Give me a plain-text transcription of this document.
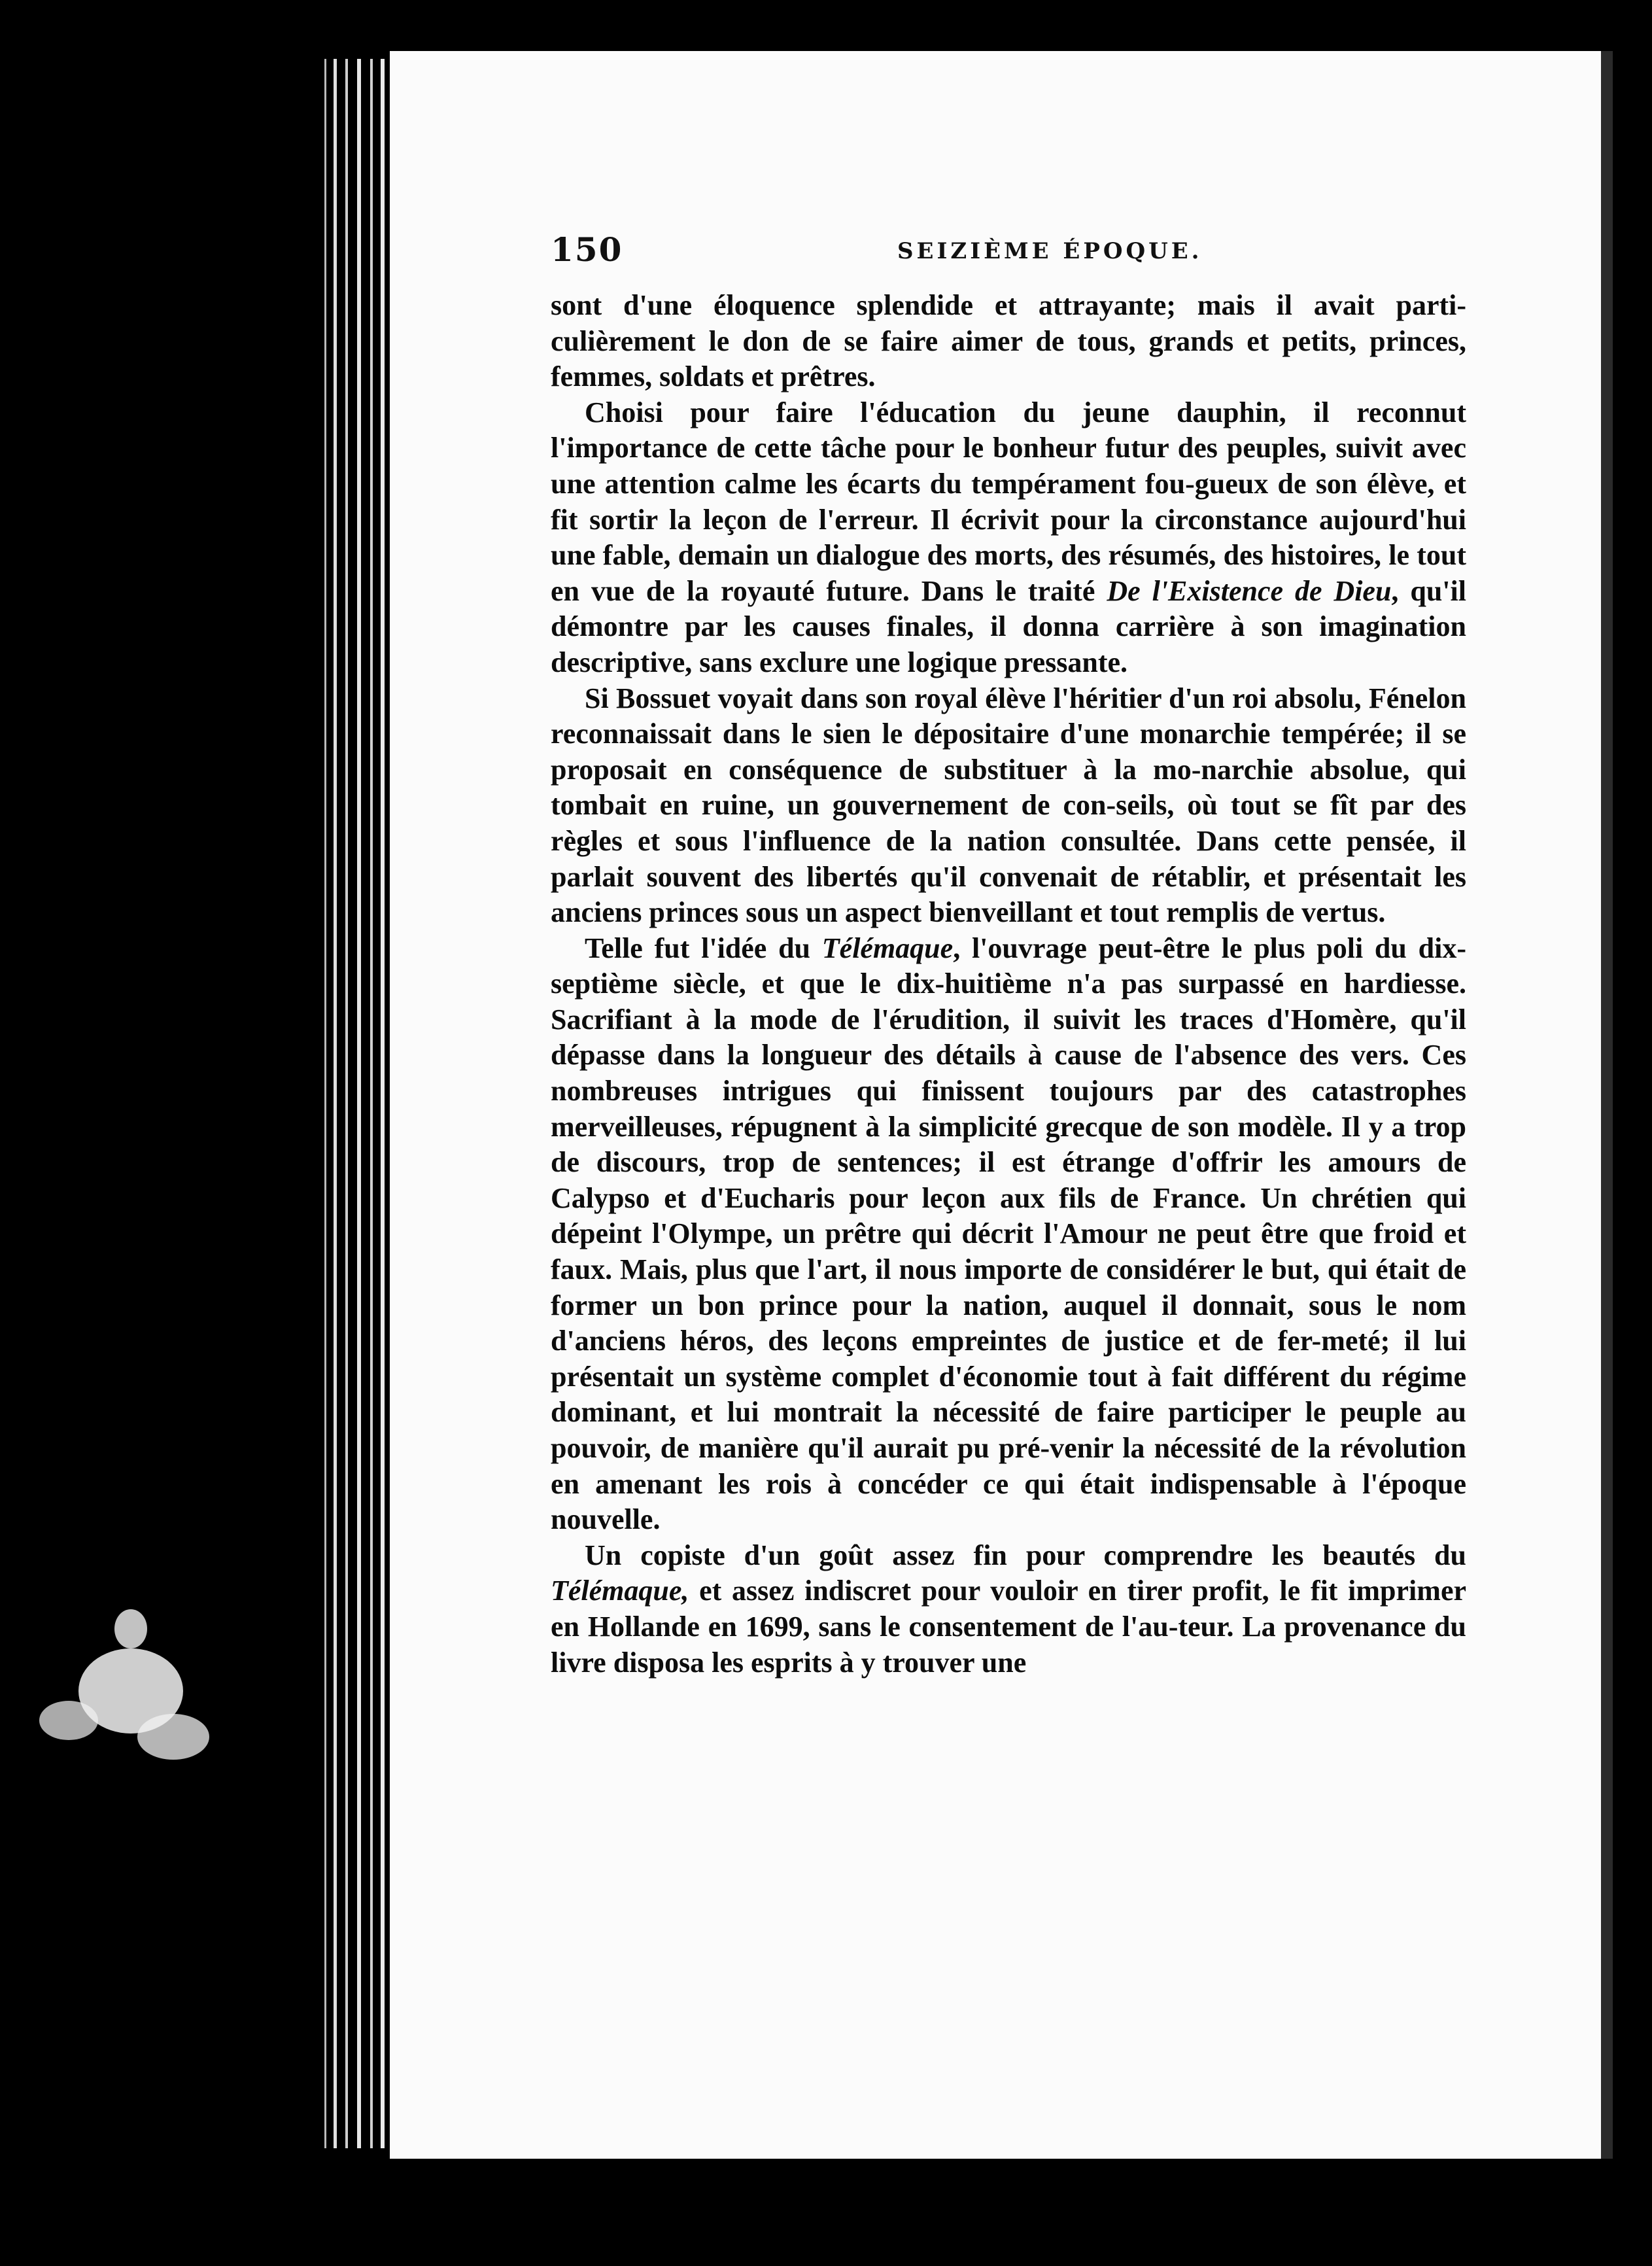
150	SEIZIÈME ÉPOQUE.

sont d'une éloquence splendide et attrayante; mais il avait parti-culièrement le don de se faire aimer de tous, grands et petits, princes, femmes, soldats et prêtres.

Choisi pour faire l'éducation du jeune dauphin, il reconnut l'importance de cette tâche pour le bonheur futur des peuples, suivit avec une attention calme les écarts du tempérament fou-gueux de son élève, et fit sortir la leçon de l'erreur. Il écrivit pour la circonstance aujourd'hui une fable, demain un dialogue des morts, des résumés, des histoires, le tout en vue de la royauté future. Dans le traité De l'Existence de Dieu, qu'il démontre par les causes finales, il donna carrière à son imagination descriptive, sans exclure une logique pressante.

Si Bossuet voyait dans son royal élève l'héritier d'un roi absolu, Fénelon reconnaissait dans le sien le dépositaire d'une monarchie tempérée; il se proposait en conséquence de substituer à la mo-narchie absolue, qui tombait en ruine, un gouvernement de con-seils, où tout se fît par des règles et sous l'influence de la nation consultée. Dans cette pensée, il parlait souvent des libertés qu'il convenait de rétablir, et présentait les anciens princes sous un aspect bienveillant et tout remplis de vertus.

Telle fut l'idée du Télémaque, l'ouvrage peut-être le plus poli du dix-septième siècle, et que le dix-huitième n'a pas surpassé en hardiesse. Sacrifiant à la mode de l'érudition, il suivit les traces d'Homère, qu'il dépasse dans la longueur des détails à cause de l'absence des vers. Ces nombreuses intrigues qui finissent toujours par des catastrophes merveilleuses, répugnent à la simplicité grecque de son modèle. Il y a trop de discours, trop de sentences; il est étrange d'offrir les amours de Calypso et d'Eucharis pour leçon aux fils de France. Un chrétien qui dépeint l'Olympe, un prêtre qui décrit l'Amour ne peut être que froid et faux. Mais, plus que l'art, il nous importe de considérer le but, qui était de former un bon prince pour la nation, auquel il donnait, sous le nom d'anciens héros, des leçons empreintes de justice et de fer-meté; il lui présentait un système complet d'économie tout à fait différent du régime dominant, et lui montrait la nécessité de faire participer le peuple au pouvoir, de manière qu'il aurait pu pré-venir la nécessité de la révolution en amenant les rois à concéder ce qui était indispensable à l'époque nouvelle.

Un copiste d'un goût assez fin pour comprendre les beautés du Télémaque, et assez indiscret pour vouloir en tirer profit, le fit imprimer en Hollande en 1699, sans le consentement de l'au-teur. La provenance du livre disposa les esprits à y trouver une
